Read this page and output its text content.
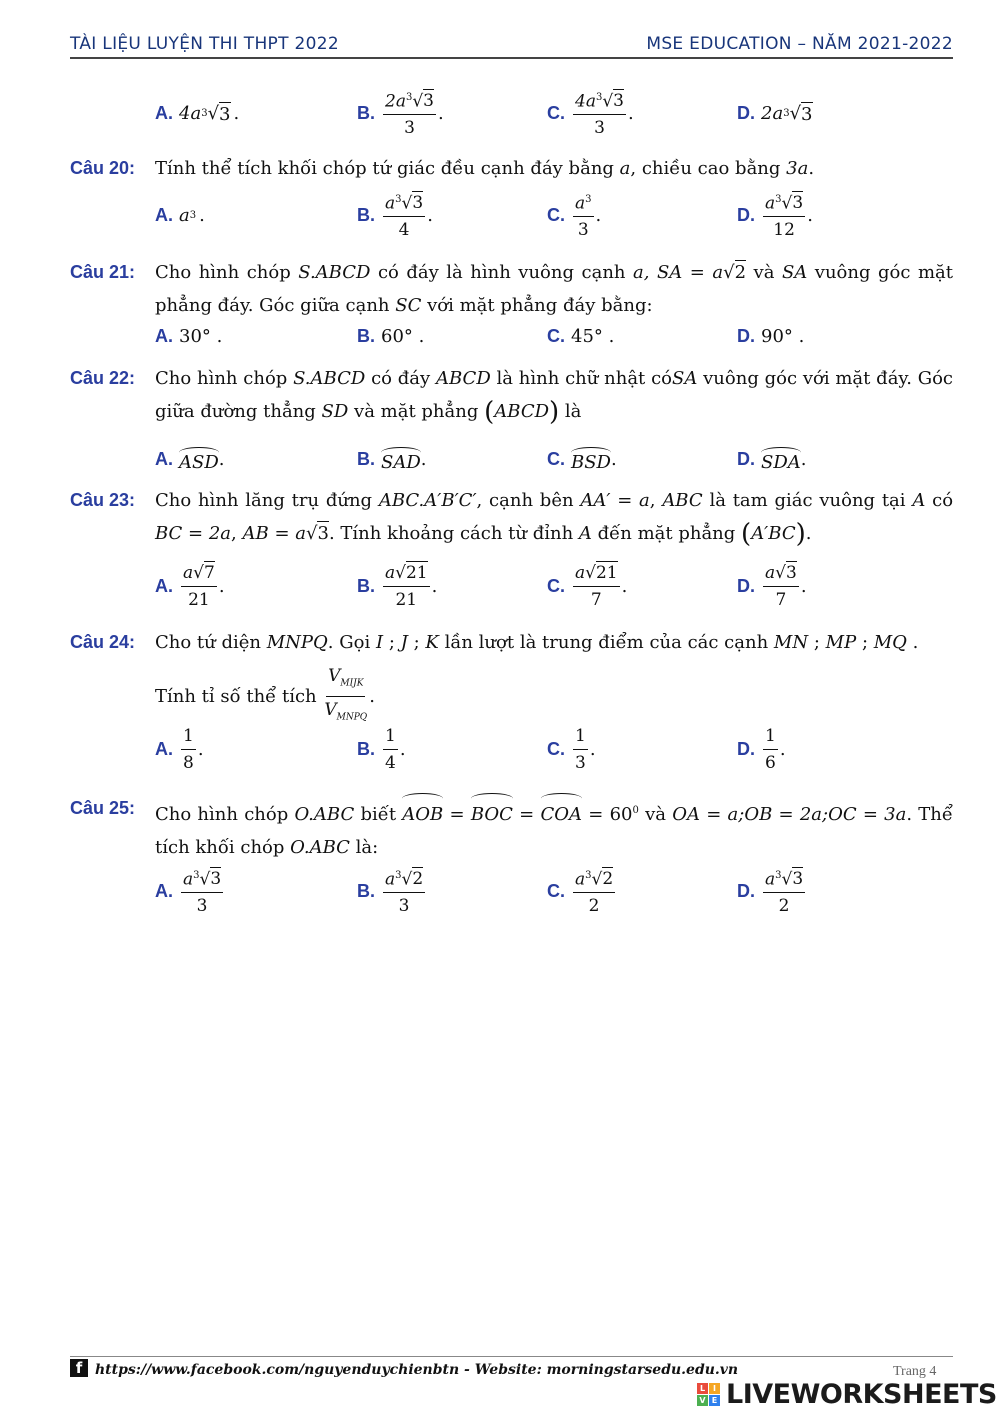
TÀI LIỆU LUYỆN THI THPT 2022	MSE EDUCATION – NĂM 2021-2022
A. 4a 3 √ 3 .	B. $\frac{2a^3√3}{3}$ .	C. $\frac{4a^3√3}{3}$ .	D. 2a 3 √ 3
Câu 20: Tính thể tích khối chóp tứ giác đều cạnh đáy bằng a, chiều cao bằng 3a.
A. a 3 .	B. $\frac{a^3√3}{4}$ .	C. $\frac{a^3}{3}$ .	D. $\frac{a^3√3}{12}$ .
Câu 21: Cho hình chóp S.ABCD có đáy là hình vuông cạnh a, SA = a√2 và SA vuông góc mặt phẳng đáy. Góc giữa cạnh SC với mặt phẳng đáy bằng:
A. 30° .	B. 60° .	C. 45° .	D. 90° .
Câu 22: Cho hình chóp S.ABCD có đáy ABCD là hình chữ nhật cóSA vuông góc với mặt đáy. Góc giữa đường thẳng SD và mặt phẳng (ABCD) là
A. ASD .	B. SAD .	C. BSD .	D. SDA .
Câu 23: Cho hình lăng trụ đứng ABC.A′B′C′, cạnh bên AA′ = a, ABC là tam giác vuông tại A có BC = 2a, AB = a√3. Tính khoảng cách từ đỉnh A đến mặt phẳng (A′BC).
A. $\frac{a√7}{21}$ .	B. $\frac{a√21}{21}$ .	C. $\frac{a√21}{7}$ .	D. $\frac{a√3}{7}$ .
Câu 24: Cho tứ diện MNPQ. Gọi I ; J ; K lần lượt là trung điểm của các cạnh MN ; MP ; MQ .
Tính tỉ số thể tích $\frac{V_{MIJK}}{V_{MNPQ}}$ .
A. $\frac{1}{8}$ .	B. $\frac{1}{4}$ .	C. $\frac{1}{3}$ .	D. $\frac{1}{6}$ .
Câu 25: Cho hình chóp O.ABC biết AOB = BOC = COA = $60^0$ và OA = a;OB = 2a;OC = 3a. Thể tích khối chóp O.ABC là:
A. $\frac{a^3√3}{3}$	B. $\frac{a^3√2}{3}$	C. $\frac{a^3√2}{2}$	D. $\frac{a^3√3}{2}$
f https://www.facebook.com/nguyenduychienbtn - Website: morningstarsedu.edu.vn	Trang 4
L I
V E LIVEWORKSHEETS
